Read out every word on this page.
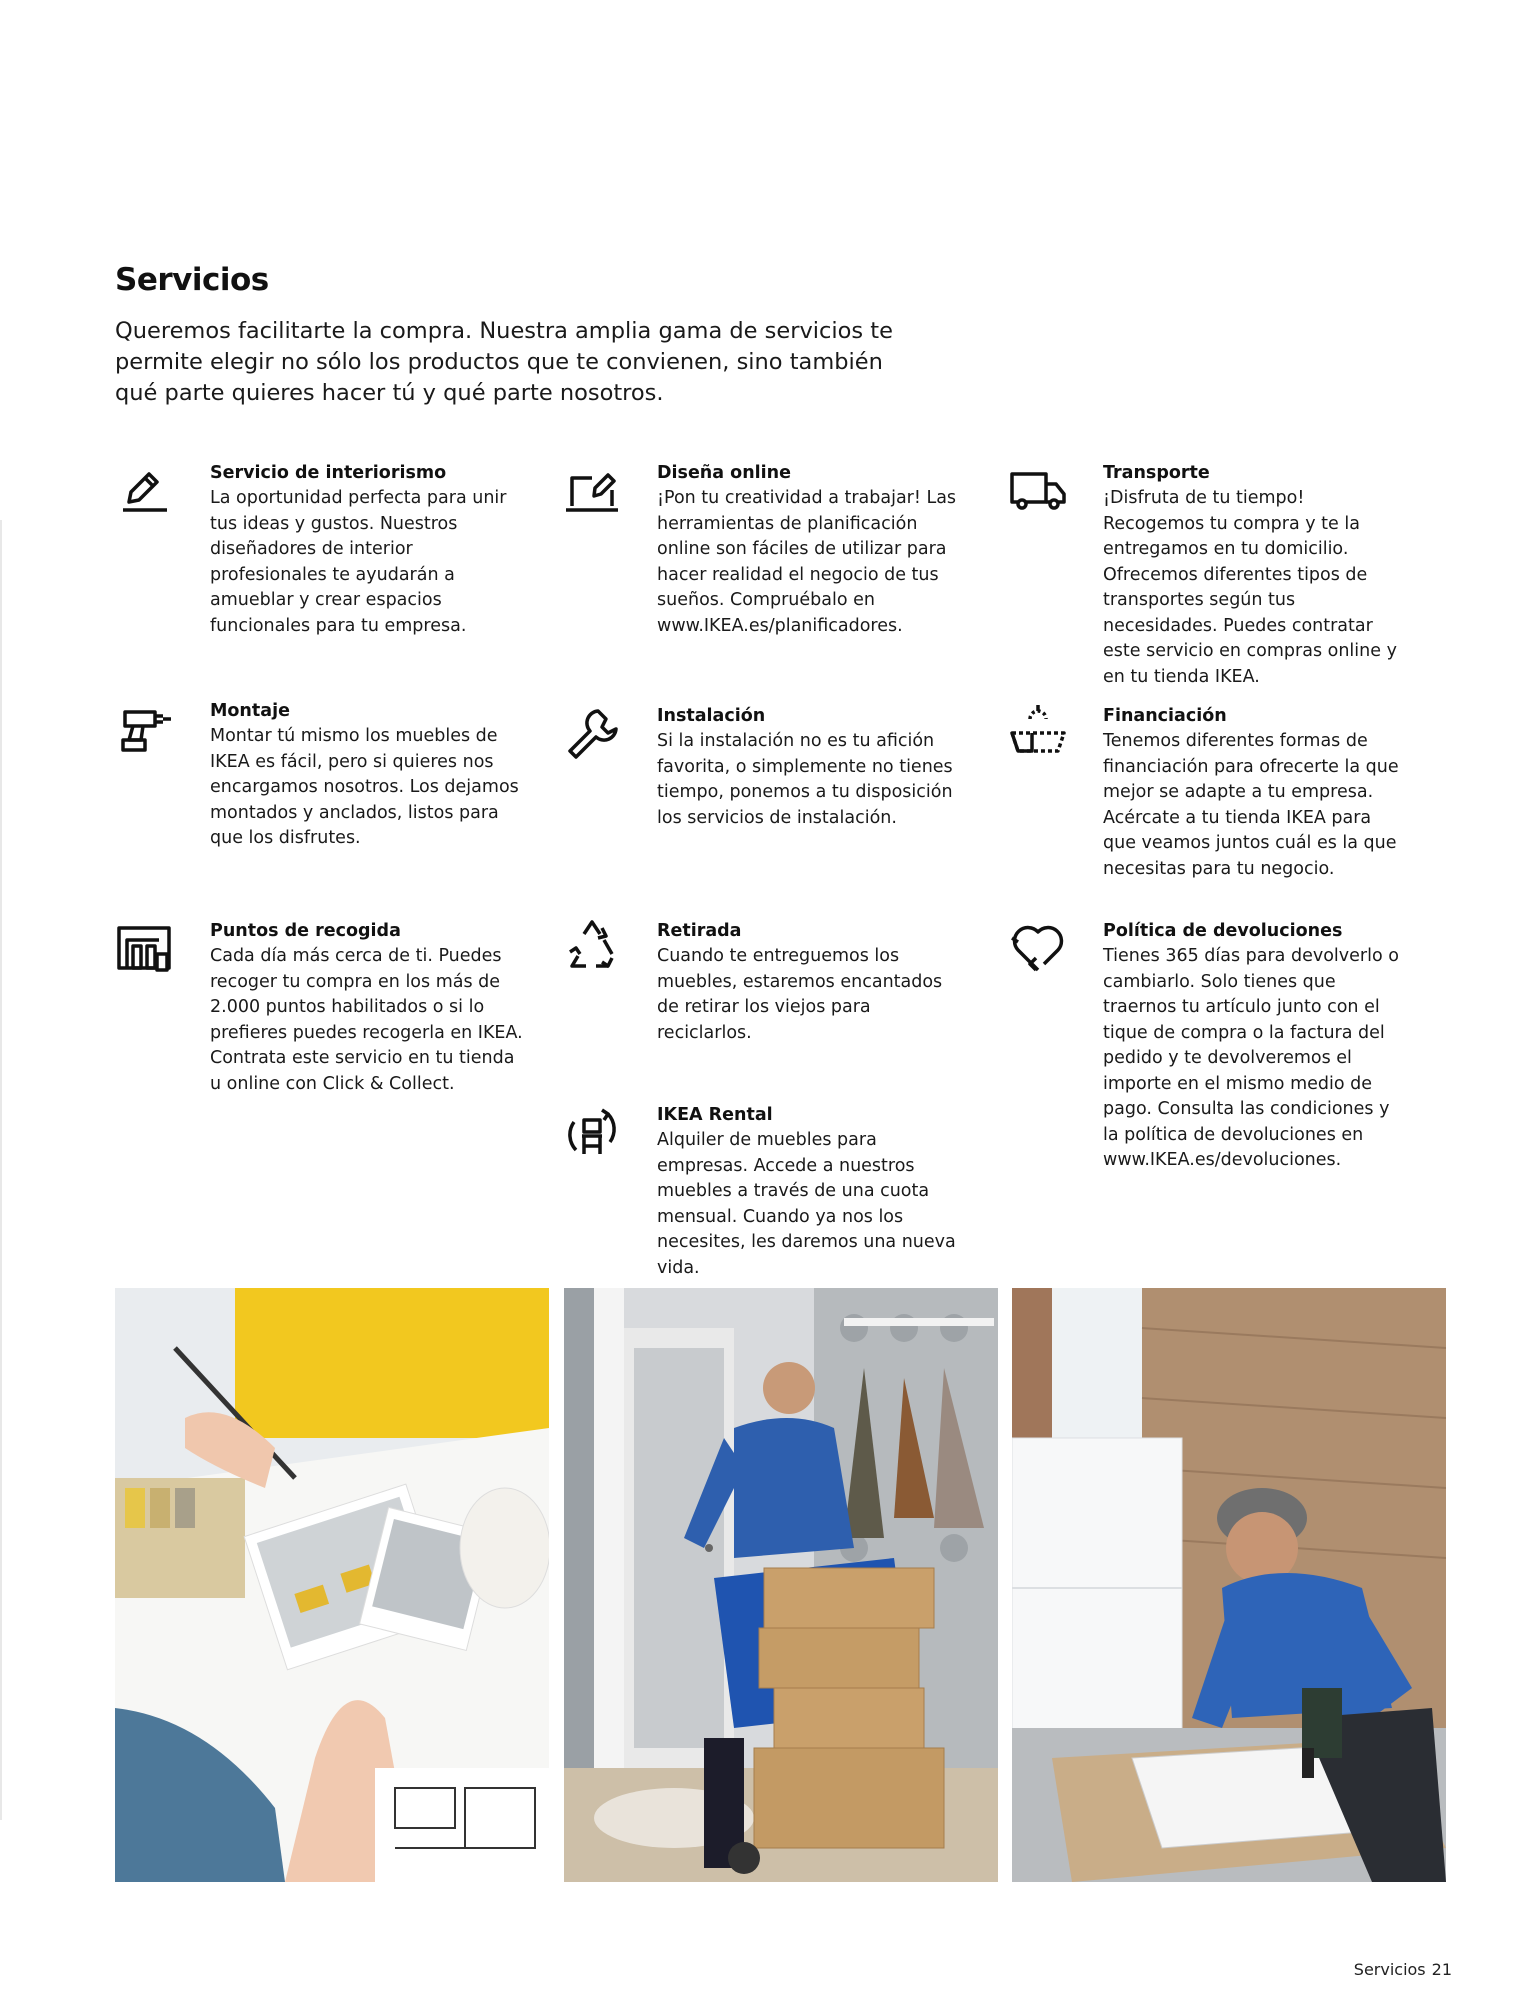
Servicios

Queremos facilitarte la compra. Nuestra amplia gama de servicios te permite elegir no sólo los productos que te convienen, sino también qué parte quieres hacer tú y qué parte nosotros.

Servicio de interiorismo

La oportunidad perfecta para unir tus ideas y gustos. Nuestros diseñadores de interior profesionales te ayudarán a amueblar y crear espacios funcionales para tu empresa.

Diseña online

¡Pon tu creatividad a trabajar! Las herramientas de planificación online son fáciles de utilizar para hacer realidad el negocio de tus sueños. Compruébalo en www.IKEA.es/planificadores.

Transporte

¡Disfruta de tu tiempo! Recogemos tu compra y te la entregamos en tu domicilio. Ofrecemos diferentes tipos de transportes según tus necesidades. Puedes contratar este servicio en compras online y en tu tienda IKEA.

Montaje

Montar tú mismo los muebles de IKEA es fácil, pero si quieres nos encargamos nosotros. Los dejamos montados y anclados, listos para que los disfrutes.

Instalación

Si la instalación no es tu afición favorita, o simplemente no tienes tiempo, ponemos a tu disposición los servicios de instalación.

Financiación

Tenemos diferentes formas de financiación para ofrecerte la que mejor se adapte a tu empresa. Acércate a tu tienda IKEA para que veamos juntos cuál es la que necesitas para tu negocio.

Puntos de recogida

Cada día más cerca de ti. Puedes recoger tu compra en los más de 2.000 puntos habilitados o si lo prefieres puedes recogerla en IKEA. Contrata este servicio en tu tienda u online con Click & Collect.

Retirada

Cuando te entreguemos los muebles, estaremos encantados de retirar los viejos para reciclarlos.

Política de devoluciones

Tienes 365 días para devolverlo o cambiarlo. Solo tienes que traernos tu artículo junto con el tique de compra o la factura del pedido y te devolveremos el importe en el mismo medio de pago. Consulta las condiciones y la política de devoluciones en www.IKEA.es/devoluciones.

IKEA Rental

Alquiler de muebles para empresas. Accede a nuestros muebles a través de una cuota mensual. Cuando ya nos los necesites, les daremos una nueva vida.

Servicios 21
